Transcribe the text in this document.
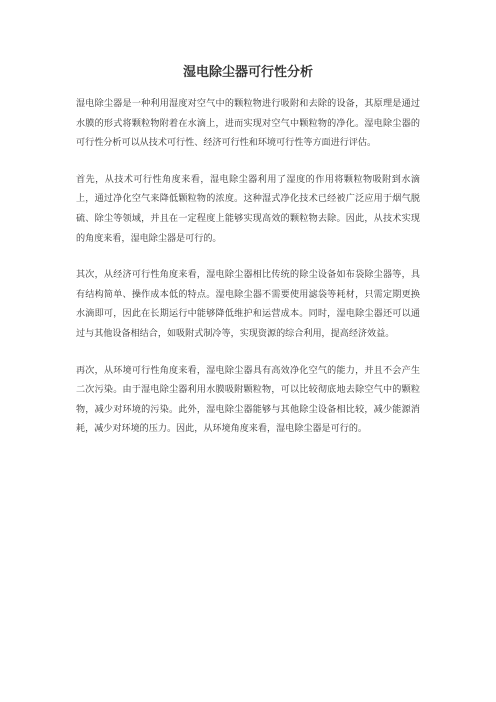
湿电除尘器可行性分析

湿电除尘器是一种利用湿度对空气中的颗粒物进行吸附和去除的设备，其原理是通过水膜的形式将颗粒物附着在水滴上，进而实现对空气中颗粒物的净化。湿电除尘器的可行性分析可以从技术可行性、经济可行性和环境可行性等方面进行评估。

首先，从技术可行性角度来看，湿电除尘器利用了湿度的作用将颗粒物吸附到水滴上，通过净化空气来降低颗粒物的浓度。这种湿式净化技术已经被广泛应用于烟气脱硫、除尘等领域，并且在一定程度上能够实现高效的颗粒物去除。因此，从技术实现的角度来看，湿电除尘器是可行的。

其次，从经济可行性角度来看，湿电除尘器相比传统的除尘设备如布袋除尘器等，具有结构简单、操作成本低的特点。湿电除尘器不需要使用滤袋等耗材，只需定期更换水滴即可，因此在长期运行中能够降低维护和运营成本。同时，湿电除尘器还可以通过与其他设备相结合，如吸附式制冷等，实现资源的综合利用，提高经济效益。

再次，从环境可行性角度来看，湿电除尘器具有高效净化空气的能力，并且不会产生二次污染。由于湿电除尘器利用水膜吸附颗粒物，可以比较彻底地去除空气中的颗粒物，减少对环境的污染。此外，湿电除尘器能够与其他除尘设备相比较，减少能源消耗，减少对环境的压力。因此，从环境角度来看，湿电除尘器是可行的。
